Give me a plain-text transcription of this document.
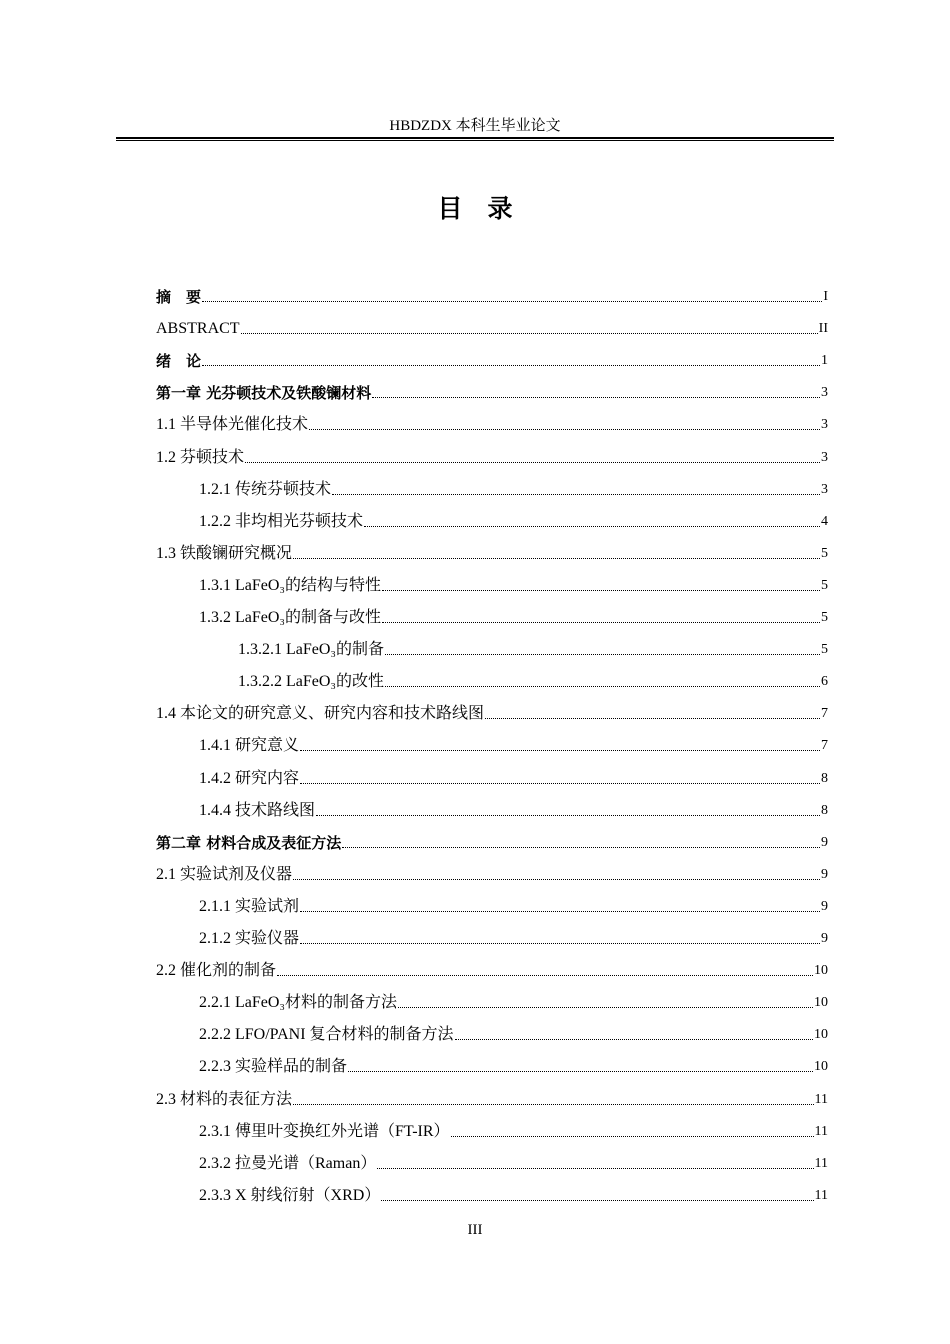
HBDZDX 本科生毕业论文
目　录
摘　要	I
ABSTRACT	II
绪　论	1
第一章 光芬顿技术及铁酸镧材料	3
1.1 半导体光催化技术	3
1.2 芬顿技术	3
1.2.1 传统芬顿技术	3
1.2.2 非均相光芬顿技术	4
1.3 铁酸镧研究概况	5
1.3.1 LaFeO₃的结构与特性	5
1.3.2 LaFeO₃的制备与改性	5
1.3.2.1 LaFeO₃的制备	5
1.3.2.2 LaFeO₃的改性	6
1.4 本论文的研究意义、研究内容和技术路线图	7
1.4.1 研究意义	7
1.4.2 研究内容	8
1.4.4 技术路线图	8
第二章 材料合成及表征方法	9
2.1 实验试剂及仪器	9
2.1.1 实验试剂	9
2.1.2 实验仪器	9
2.2 催化剂的制备	10
2.2.1 LaFeO₃材料的制备方法	10
2.2.2 LFO/PANI 复合材料的制备方法	10
2.2.3 实验样品的制备	10
2.3 材料的表征方法	11
2.3.1 傅里叶变换红外光谱（FT-IR）	11
2.3.2 拉曼光谱（Raman）	11
2.3.3 X 射线衍射（XRD）	11
III
